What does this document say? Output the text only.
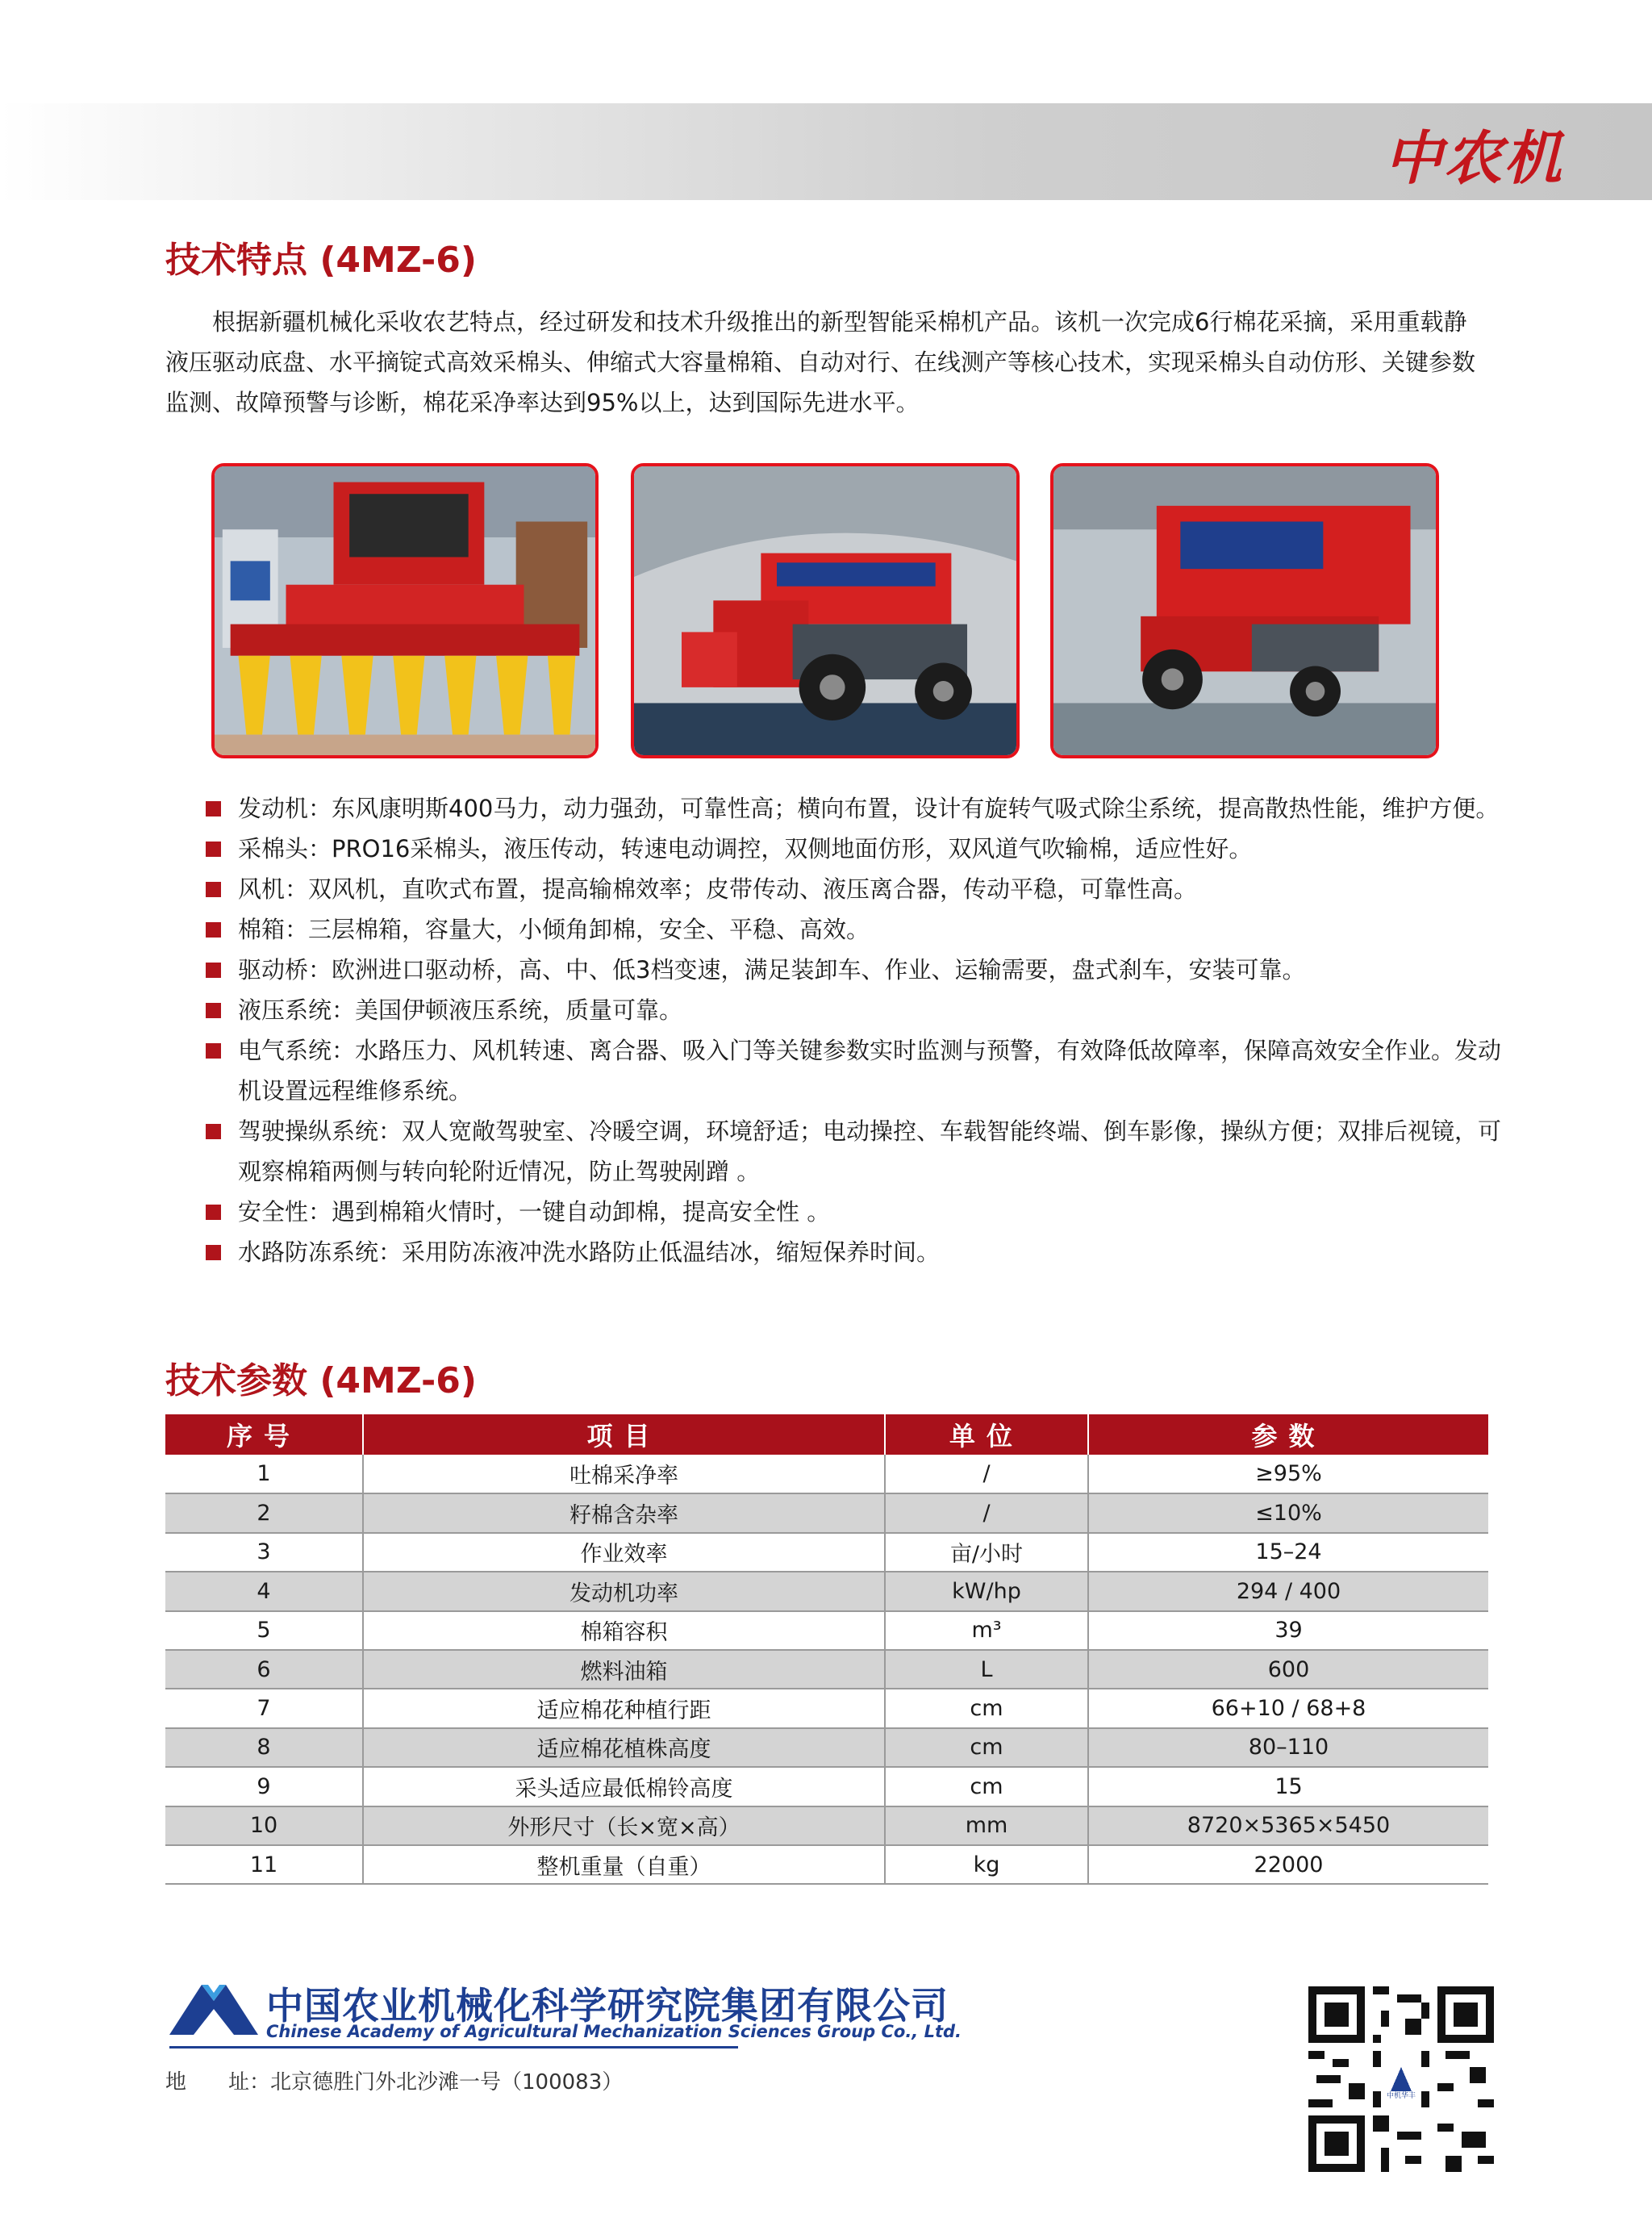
中农机
技术特点 (4MZ-6)

根据新疆机械化采收农艺特点，经过研发和技术升级推出的新型智能采棉机产品。该机一次完成6行棉花采摘，采用重载静液压驱动底盘、水平摘锭式高效采棉头、伸缩式大容量棉箱、自动对行、在线测产等核心技术，实现采棉头自动仿形、关键参数监测、故障预警与诊断，棉花采净率达到95%以上，达到国际先进水平。

发动机：东风康明斯400马力，动力强劲，可靠性高；横向布置，设计有旋转气吸式除尘系统，提高散热性能，维护方便。
采棉头：PRO16采棉头，液压传动，转速电动调控，双侧地面仿形，双风道气吹输棉，适应性好。
风机：双风机，直吹式布置，提高输棉效率；皮带传动、液压离合器，传动平稳，可靠性高。
棉箱：三层棉箱，容量大，小倾角卸棉，安全、平稳、高效。
驱动桥：欧洲进口驱动桥，高、中、低3档变速，满足装卸车、作业、运输需要，盘式刹车，安装可靠。
液压系统：美国伊顿液压系统，质量可靠。
电气系统：水路压力、风机转速、离合器、吸入门等关键参数实时监测与预警，有效降低故障率，保障高效安全作业。发动机设置远程维修系统。
驾驶操纵系统：双人宽敞驾驶室、冷暖空调，环境舒适；电动操控、车载智能终端、倒车影像，操纵方便；双排后视镜，可观察棉箱两侧与转向轮附近情况，防止驾驶剐蹭 。
安全性：遇到棉箱火情时，一键自动卸棉，提高安全性 。
水路防冻系统：采用防冻液冲洗水路防止低温结冰，缩短保养时间。
技术参数 (4MZ-6)
序号	项目	单位	参数
1	吐棉采净率	/	≥95%
2	籽棉含杂率	/	≤10%
3	作业效率	亩/小时	15–24
4	发动机功率	kW/hp	294 / 400
5	棉箱容积	m³	39
6	燃料油箱	L	600
7	适应棉花种植行距	cm	66+10 / 68+8
8	适应棉花植株高度	cm	80–110
9	采头适应最低棉铃高度	cm	15
10	外形尺寸（长×宽×高）	mm	8720×5365×5450
11	整机重量（自重）	kg	22000
中国农业机械化科学研究院集团有限公司
Chinese Academy of Agricultural Mechanization Sciences Group Co., Ltd.
地　　址：北京德胜门外北沙滩一号（100083）
